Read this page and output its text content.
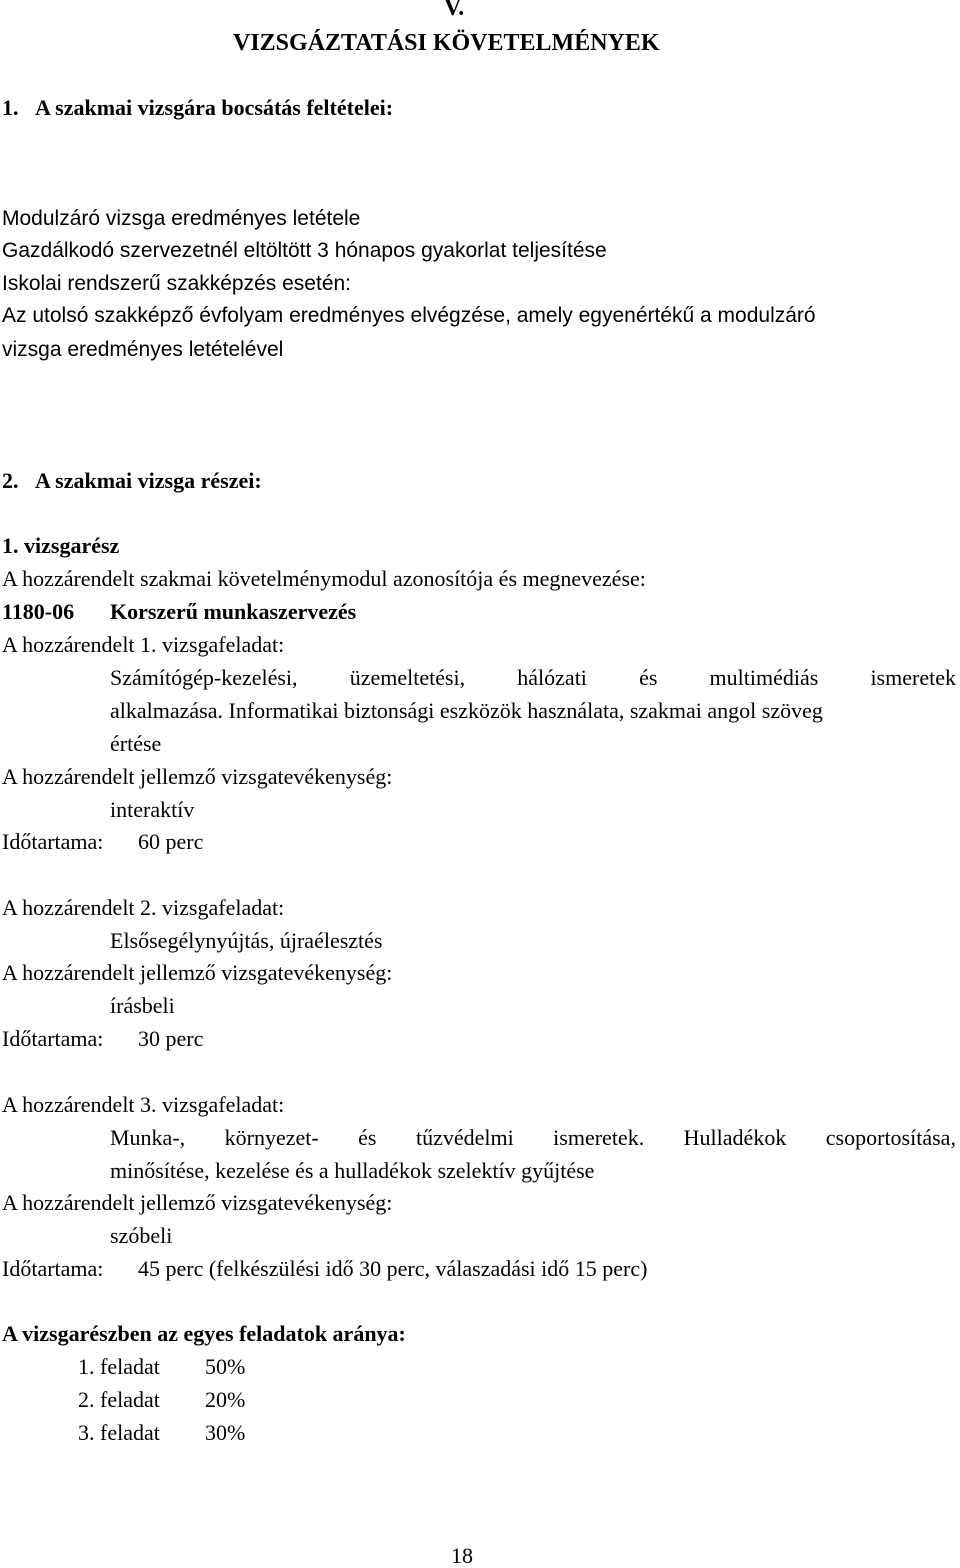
V.
VIZSGÁZTATÁSI KÖVETELMÉNYEK
1.   A szakmai vizsgára bocsátás feltételei:
Modulzáró vizsga eredményes letétele
Gazdálkodó szervezetnél eltöltött 3 hónapos gyakorlat teljesítése
Iskolai rendszerű szakképzés esetén:
Az utolsó szakképző évfolyam eredményes elvégzése, amely egyenértékű a modulzáró
vizsga eredményes letételével
2.   A szakmai vizsga részei:
1. vizsgarész
A hozzárendelt szakmai követelménymodul azonosítója és megnevezése:
1180-06 Korszerű munkaszervezés
A hozzárendelt 1. vizsgafeladat:
Számítógép-kezelési, üzemeltetési, hálózati és multimédiás ismeretek
alkalmazása. Informatikai biztonsági eszközök használata, szakmai angol szöveg
értése
A hozzárendelt jellemző vizsgatevékenység:
interaktív
Időtartama: 60 perc
A hozzárendelt 2. vizsgafeladat:
Elsősegélynyújtás, újraélesztés
A hozzárendelt jellemző vizsgatevékenység:
írásbeli
Időtartama: 30 perc
A hozzárendelt 3. vizsgafeladat:
Munka-, környezet- és tűzvédelmi ismeretek. Hulladékok csoportosítása,
minősítése, kezelése és a hulladékok szelektív gyűjtése
A hozzárendelt jellemző vizsgatevékenység:
szóbeli
Időtartama: 45 perc (felkészülési idő 30 perc, válaszadási idő 15 perc)
A vizsgarészben az egyes feladatok aránya:
1. feladat 50%
2. feladat 20%
3. feladat 30%
18
